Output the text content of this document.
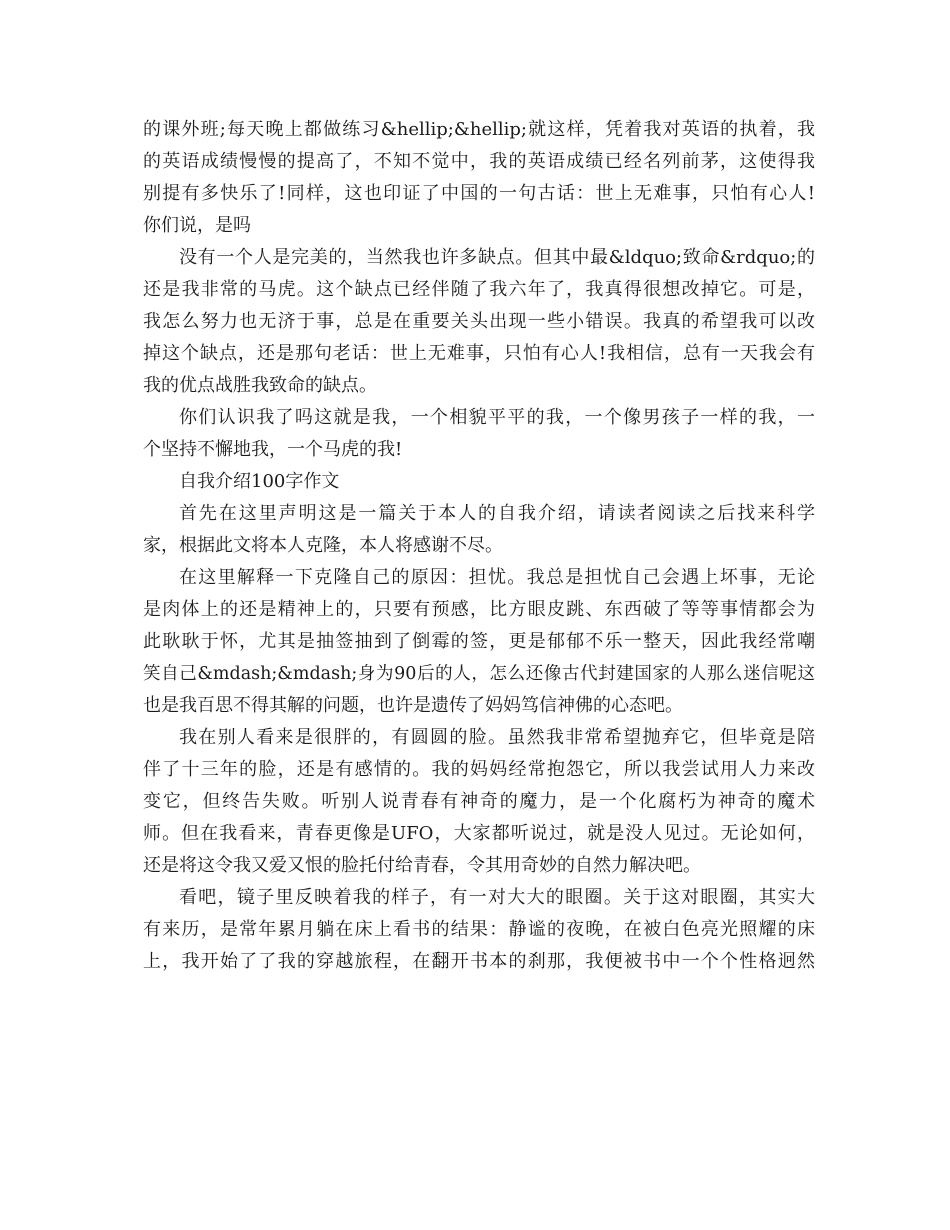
的课外班;每天晚上都做练习&hellip;&hellip;就这样，凭着我对英语的执着，我
的英语成绩慢慢的提高了，不知不觉中，我的英语成绩已经名列前茅，这使得我
别提有多快乐了!同样，这也印证了中国的一句古话：世上无难事，只怕有心人!
你们说，是吗
没有一个人是完美的，当然我也许多缺点。但其中最&ldquo;致命&rdquo;的
还是我非常的马虎。这个缺点已经伴随了我六年了，我真得很想改掉它。可是，
我怎么努力也无济于事，总是在重要关头出现一些小错误。我真的希望我可以改
掉这个缺点，还是那句老话：世上无难事，只怕有心人!我相信，总有一天我会有
我的优点战胜我致命的缺点。
你们认识我了吗这就是我，一个相貌平平的我，一个像男孩子一样的我，一
个坚持不懈地我，一个马虎的我!
自我介绍100字作文
首先在这里声明这是一篇关于本人的自我介绍，请读者阅读之后找来科学
家，根据此文将本人克隆，本人将感谢不尽。
在这里解释一下克隆自己的原因：担忧。我总是担忧自己会遇上坏事，无论
是肉体上的还是精神上的，只要有预感，比方眼皮跳、东西破了等等事情都会为
此耿耿于怀，尤其是抽签抽到了倒霉的签，更是郁郁不乐一整天，因此我经常嘲
笑自己&mdash;&mdash;身为90后的人，怎么还像古代封建国家的人那么迷信呢这
也是我百思不得其解的问题，也许是遗传了妈妈笃信神佛的心态吧。
我在别人看来是很胖的，有圆圆的脸。虽然我非常希望抛弃它，但毕竟是陪
伴了十三年的脸，还是有感情的。我的妈妈经常抱怨它，所以我尝试用人力来改
变它，但终告失败。听别人说青春有神奇的魔力，是一个化腐朽为神奇的魔术
师。但在我看来，青春更像是UFO，大家都听说过，就是没人见过。无论如何，
还是将这令我又爱又恨的脸托付给青春，令其用奇妙的自然力解决吧。
看吧，镜子里反映着我的样子，有一对大大的眼圈。关于这对眼圈，其实大
有来历，是常年累月躺在床上看书的结果：静谧的夜晚，在被白色亮光照耀的床
上，我开始了了我的穿越旅程，在翻开书本的刹那，我便被书中一个个性格迥然
